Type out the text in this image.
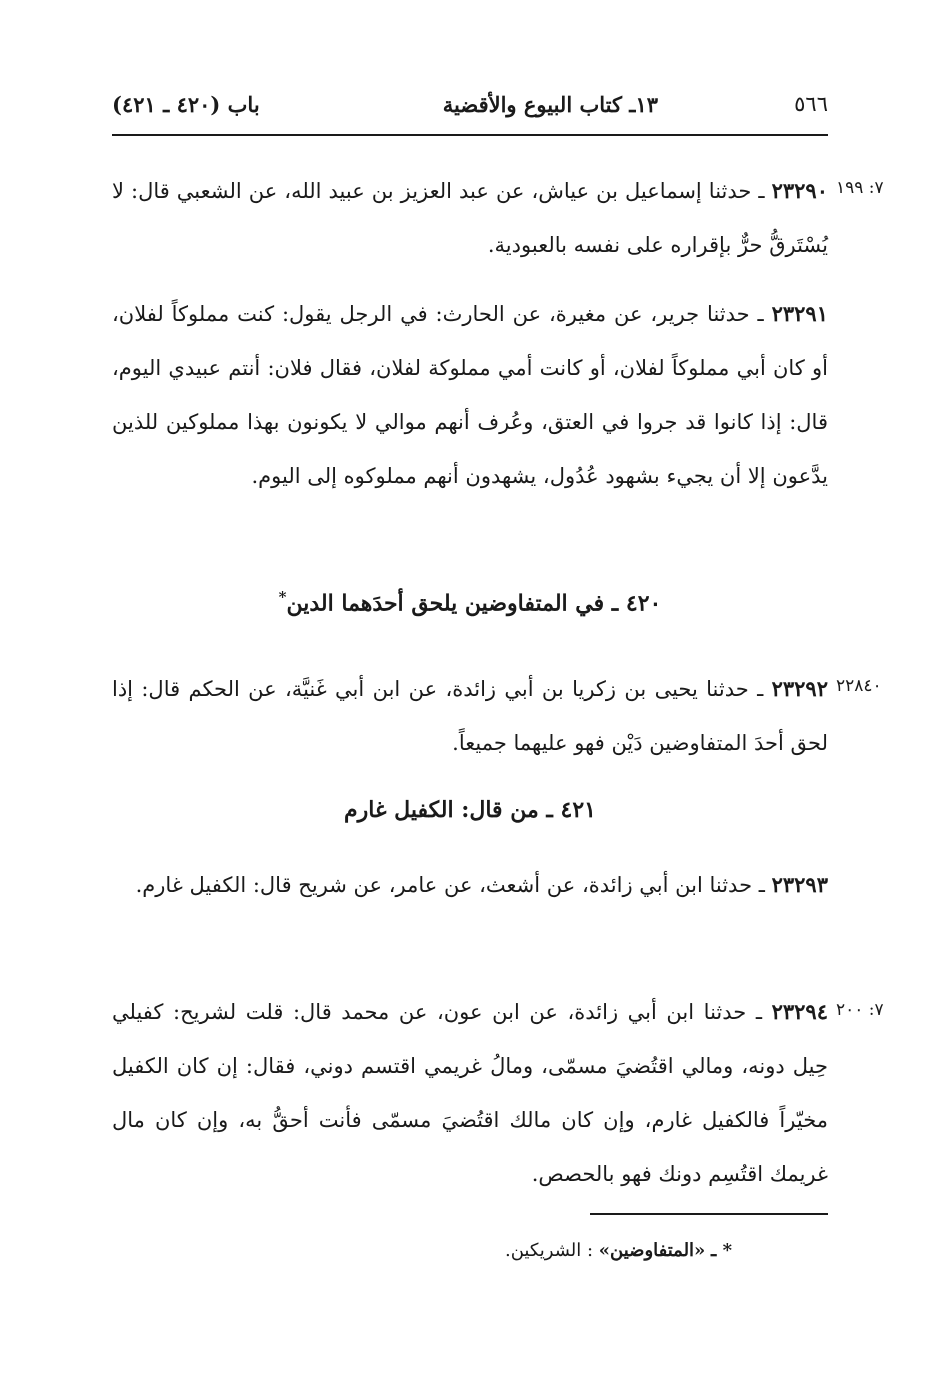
٥٦٦
١٣ـ كتاب البيوع والأقضية
باب (٤٢٠ ـ ٤٢١)
٧: ١٩٩

٢٣٢٩٠ ـ حدثنا إسماعيل بن عياش، عن عبد العزيز بن عبيد الله، عن الشعبي قال: لا يُسْتَرقُّ حرٌّ بإقراره على نفسه بالعبودية.

٢٣٢٩١ ـ حدثنا جرير، عن مغيرة، عن الحارث: في الرجل يقول: كنت مملوكاً لفلان، أو كان أبي مملوكاً لفلان، أو كانت أمي مملوكة لفلان، فقال فلان: أنتم عبيدي اليوم، قال: إذا كانوا قد جروا في العتق، وعُرف أنهم موالي لا يكونون بهذا مملوكين للذين يدَّعون إلا أن يجيء بشهود عُدُول، يشهدون أنهم مملوكوه إلى اليوم.

٤٢٠ ـ في المتفاوضين يلحق أحدَهما الدين*
٢٢٨٤٠

٢٣٢٩٢ ـ حدثنا يحيى بن زكريا بن أبي زائدة، عن ابن أبي غَنيَّة، عن الحكم قال: إذا لحق أحدَ المتفاوضين دَيْن فهو عليهما جميعاً.

٤٢١ ـ من قال: الكفيل غارم

٢٣٢٩٣ ـ حدثنا ابن أبي زائدة، عن أشعث، عن عامر، عن شريح قال: الكفيل غارم.

٧: ٢٠٠

٢٣٢٩٤ ـ حدثنا ابن أبي زائدة، عن ابن عون، عن محمد قال: قلت لشريح: كفيلي حِيل دونه، ومالي اقتُضيَ مسمّى، ومالُ غريمي اقتسم دوني، فقال: إن كان الكفيل مخيّراً فالكفيل غارم، وإن كان مالك اقتُضيَ مسمّى فأنت أحقُّ به، وإن كان مال غريمك اقتُسِم دونك فهو بالحصص.

* ـ «المتفاوضين» : الشريكين.
